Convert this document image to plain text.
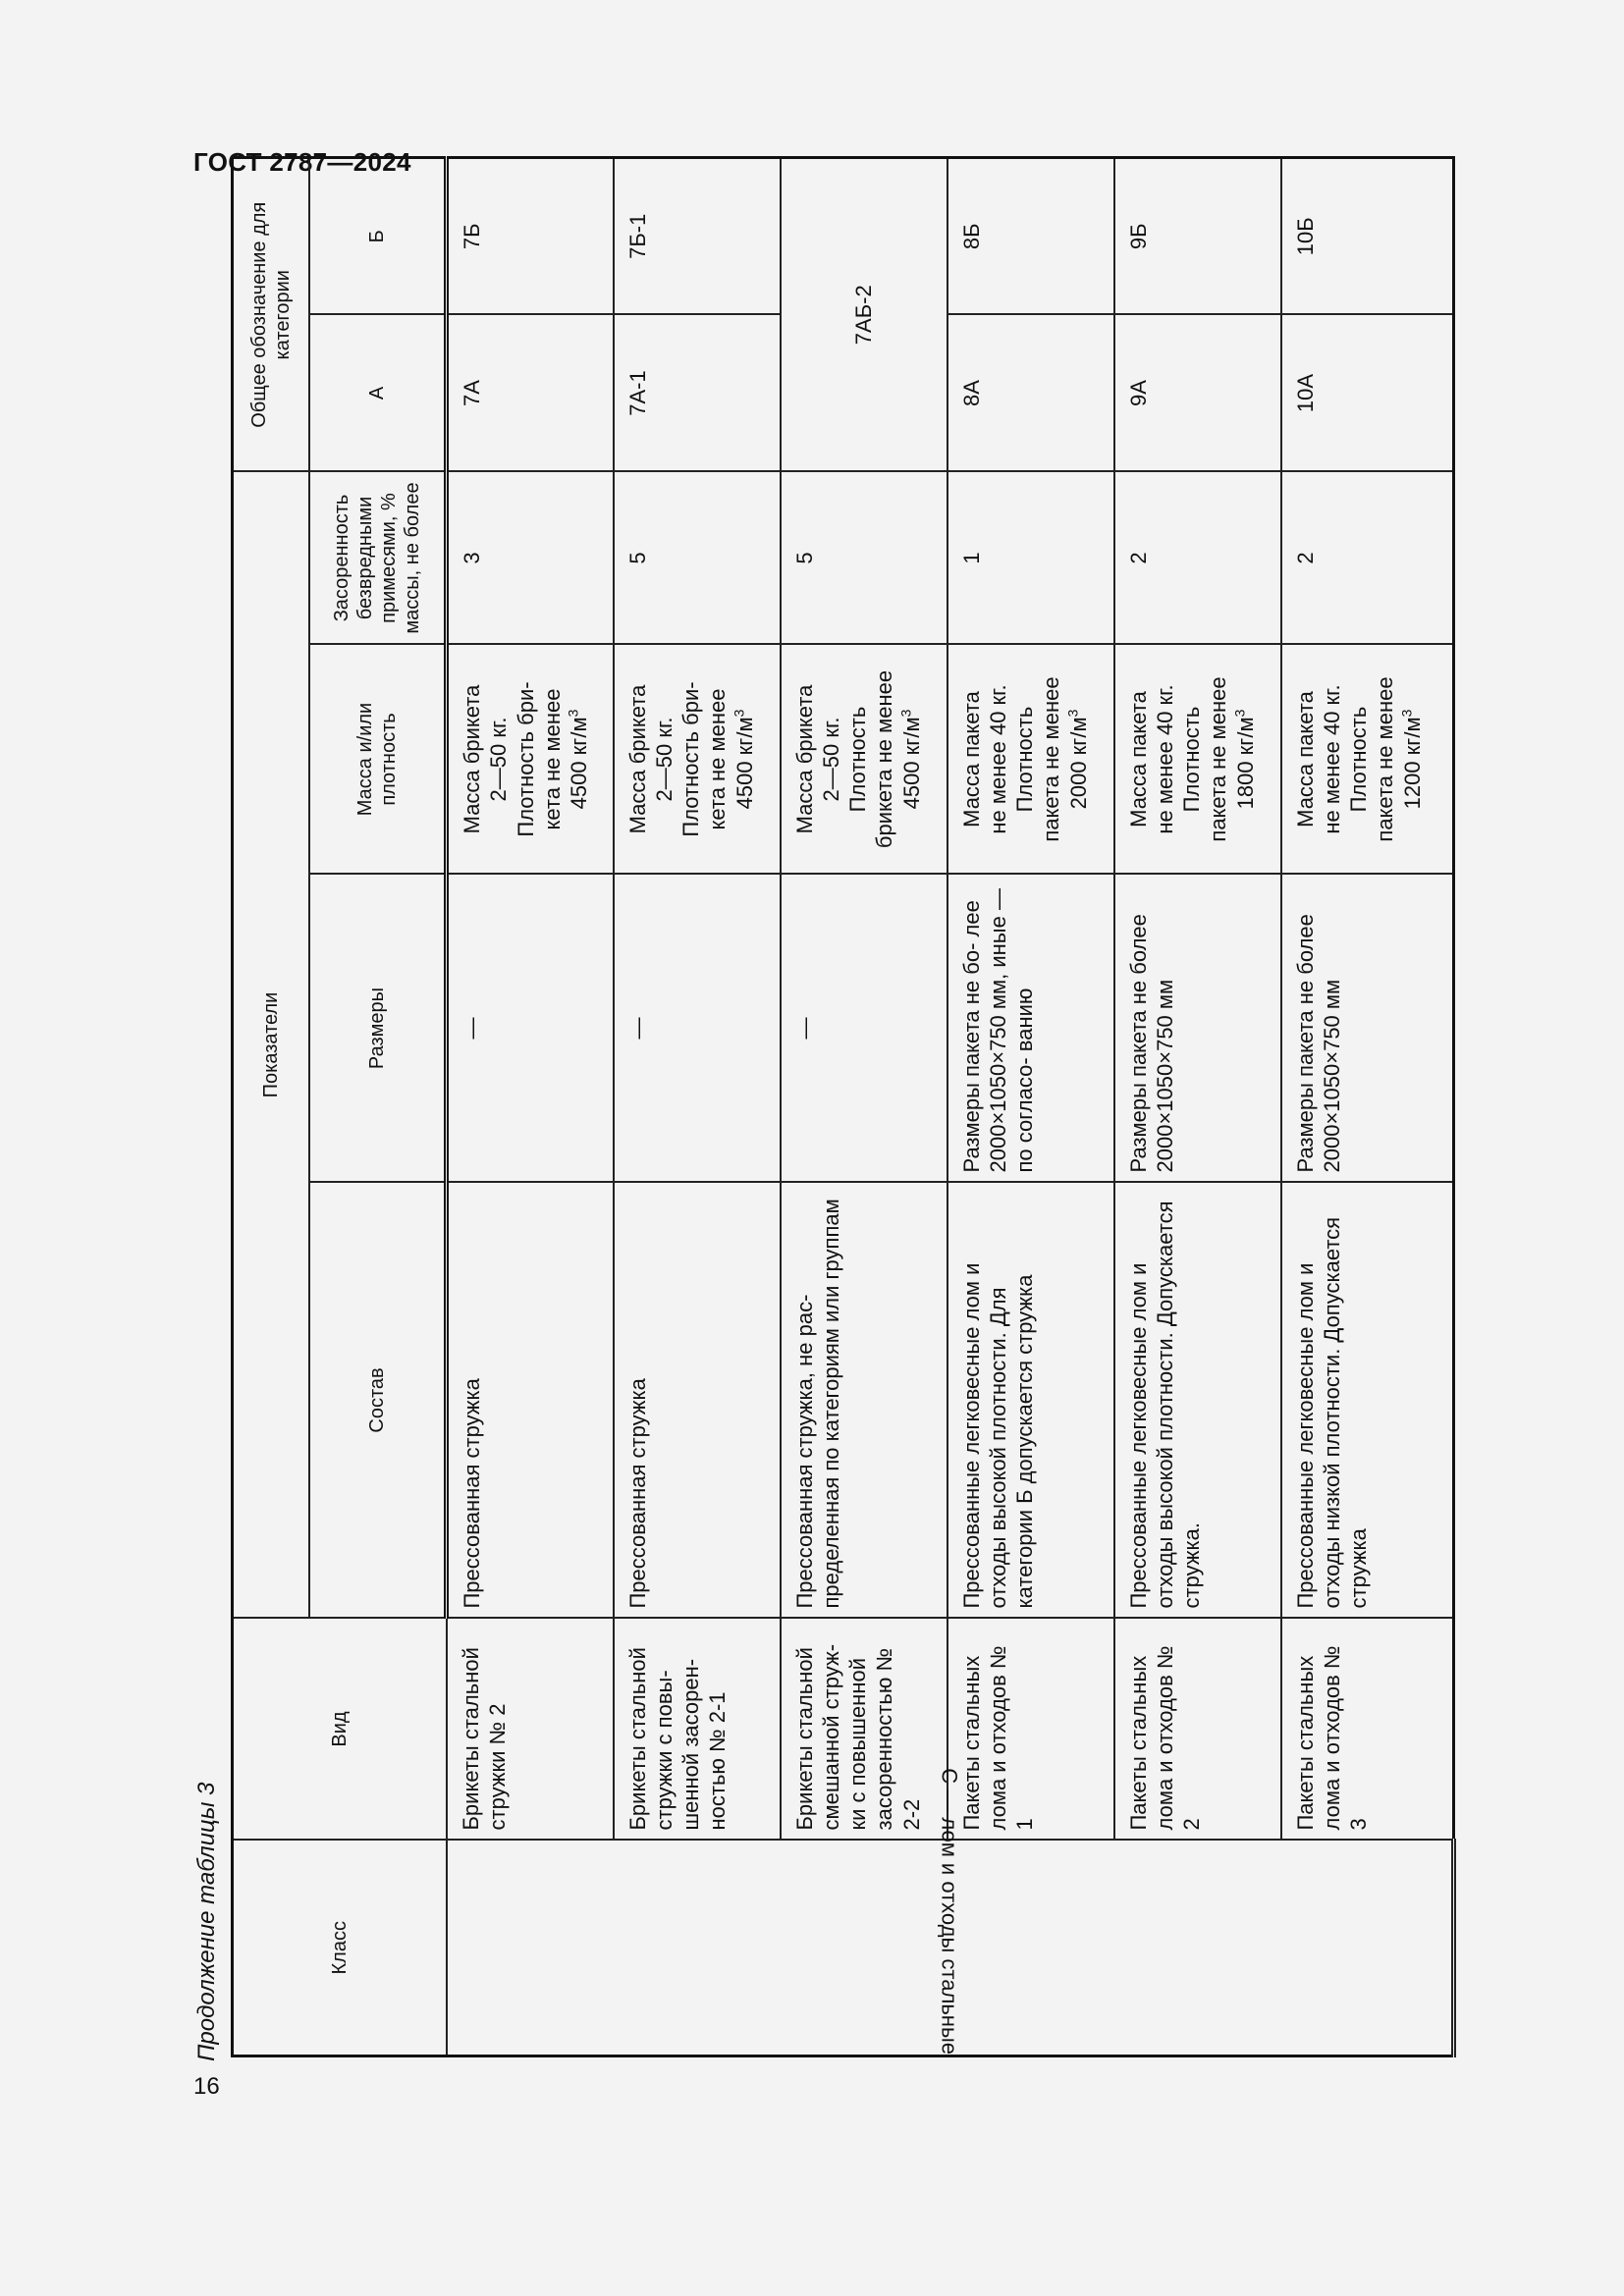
ГОСТ 2787—2024
Продолжение таблицы 3
16
Класс	Вид	Показатели				Общее обозначение для категории	
		Состав	Размеры	Масса и/или плотность	Засоренность безвредными примесями, % массы, не более	А	Б
С — лом и отходы стальные	Брикеты стальной стружки № 2	Прессованная стружка	—	Масса брикета 2—50 кг. Плотность бри- кета не менее 4500 $кг/м^3$	3	7А	7Б
	Брикеты стальной стружки с повы- шенной засорен- ностью № 2-1	Прессованная стружка	—	Масса брикета 2—50 кг. Плотность бри- кета не менее 4500 $кг/м^3$	5	7А-1	7Б-1
	Брикеты стальной смешанной струж- ки с повышенной засоренностью № 2-2	Прессованная стружка, не рас- пределенная по категориям или группам	—	Масса брикета 2—50 кг. Плотность брикета не менее 4500 $кг/м^3$	5	7АБ-2	
	Пакеты стальных лома и отходов № 1	Прессованные легковесные лом и отходы высокой плотности. Для категории Б допускается стружка	Размеры пакета не бо- лее 2000×1050×750 мм, иные — по согласо- ванию	Масса пакета не менее 40 кг. Плотность пакета не менее 2000 $кг/м^3$	1	8А	8Б
	Пакеты стальных лома и отходов № 2	Прессованные легковесные лом и отходы высокой плотности. Допускается стружка.	Размеры пакета не более 2000×1050×750 мм	Масса пакета не менее 40 кг. Плотность пакета не менее 1800 $кг/м^3$	2	9А	9Б
	Пакеты стальных лома и отходов № 3	Прессованные легковесные лом и отходы низкой плотности. Допускается стружка	Размеры пакета не более 2000×1050×750 мм	Масса пакета не менее 40 кг. Плотность пакета не менее 1200 $кг/м^3$	2	10А	10Б
